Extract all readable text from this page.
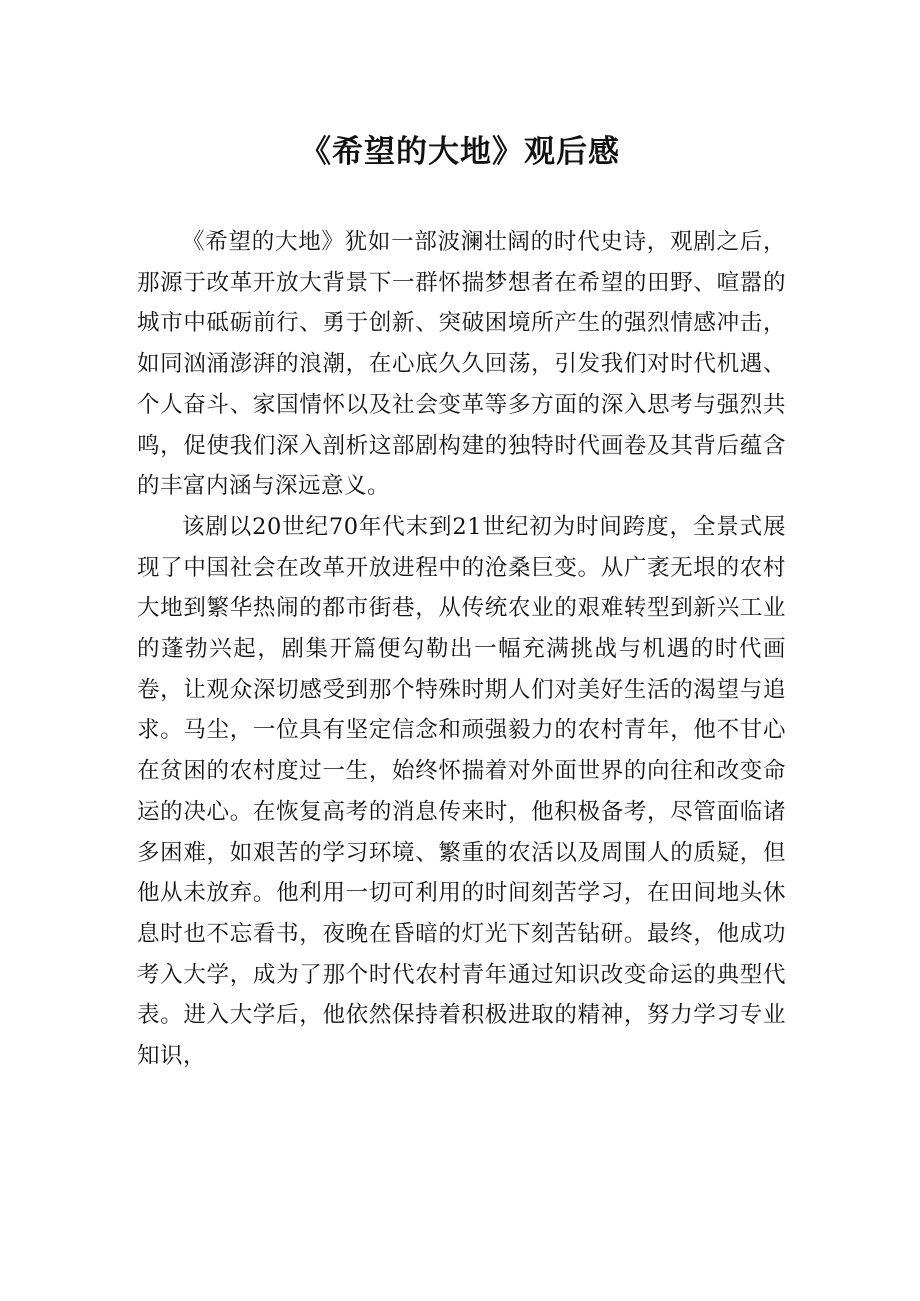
《希望的大地》观后感

《希望的大地》犹如一部波澜壮阔的时代史诗，观剧之后，那源于改革开放大背景下一群怀揣梦想者在希望的田野、喧嚣的城市中砥砺前行、勇于创新、突破困境所产生的强烈情感冲击，如同汹涌澎湃的浪潮，在心底久久回荡，引发我们对时代机遇、个人奋斗、家国情怀以及社会变革等多方面的深入思考与强烈共鸣，促使我们深入剖析这部剧构建的独特时代画卷及其背后蕴含的丰富内涵与深远意义。

该剧以20世纪70年代末到21世纪初为时间跨度，全景式展现了中国社会在改革开放进程中的沧桑巨变。从广袤无垠的农村大地到繁华热闹的都市街巷，从传统农业的艰难转型到新兴工业的蓬勃兴起，剧集开篇便勾勒出一幅充满挑战与机遇的时代画卷，让观众深切感受到那个特殊时期人们对美好生活的渴望与追求。马尘，一位具有坚定信念和顽强毅力的农村青年，他不甘心在贫困的农村度过一生，始终怀揣着对外面世界的向往和改变命运的决心。在恢复高考的消息传来时，他积极备考，尽管面临诸多困难，如艰苦的学习环境、繁重的农活以及周围人的质疑，但他从未放弃。他利用一切可利用的时间刻苦学习，在田间地头休息时也不忘看书，夜晚在昏暗的灯光下刻苦钻研。最终，他成功考入大学，成为了那个时代农村青年通过知识改变命运的典型代表。进入大学后，他依然保持着积极进取的精神，努力学习专业知识，
